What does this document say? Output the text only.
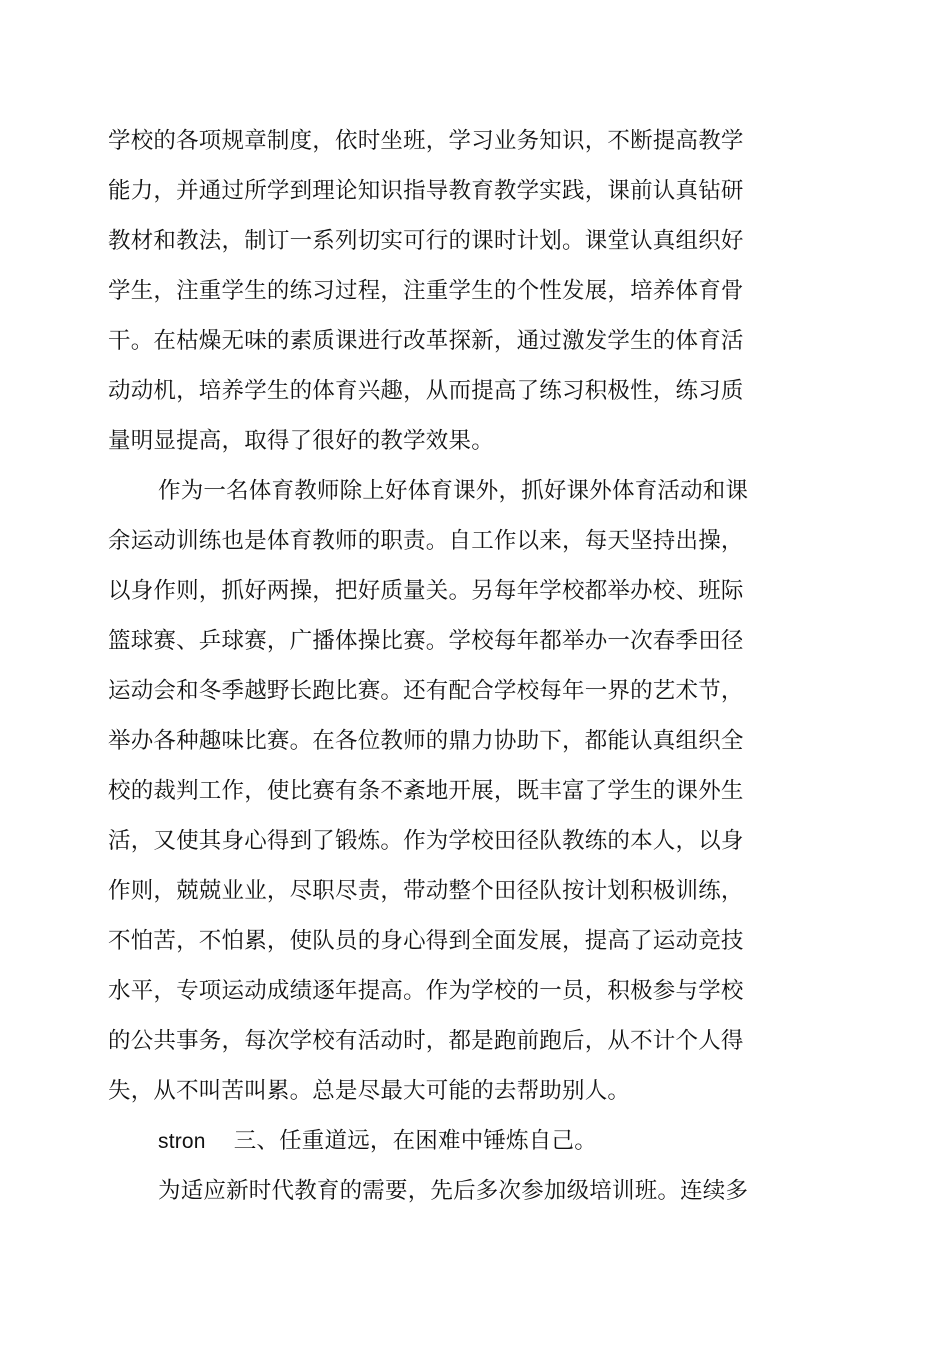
学校的各项规章制度，依时坐班，学习业务知识，不断提高教学
能力，并通过所学到理论知识指导教育教学实践，课前认真钻研
教材和教法，制订一系列切实可行的课时计划。课堂认真组织好
学生，注重学生的练习过程，注重学生的个性发展，培养体育骨
干。在枯燥无味的素质课进行改革探新，通过激发学生的体育活
动动机，培养学生的体育兴趣，从而提高了练习积极性，练习质
量明显提高，取得了很好的教学效果。
作为一名体育教师除上好体育课外，抓好课外体育活动和课
余运动训练也是体育教师的职责。自工作以来，每天坚持出操，
以身作则，抓好两操，把好质量关。另每年学校都举办校、班际
篮球赛、乒球赛，广播体操比赛。学校每年都举办一次春季田径
运动会和冬季越野长跑比赛。还有配合学校每年一界的艺术节，
举办各种趣味比赛。在各位教师的鼎力协助下，都能认真组织全
校的裁判工作，使比赛有条不紊地开展，既丰富了学生的课外生
活，又使其身心得到了锻炼。作为学校田径队教练的本人，以身
作则，兢兢业业，尽职尽责，带动整个田径队按计划积极训练，
不怕苦，不怕累，使队员的身心得到全面发展，提高了运动竞技
水平，专项运动成绩逐年提高。作为学校的一员，积极参与学校
的公共事务，每次学校有活动时，都是跑前跑后，从不计个人得
失，从不叫苦叫累。总是尽最大可能的去帮助别人。
stron 三、任重道远，在困难中锤炼自己。
为适应新时代教育的需要，先后多次参加级培训班。连续多
